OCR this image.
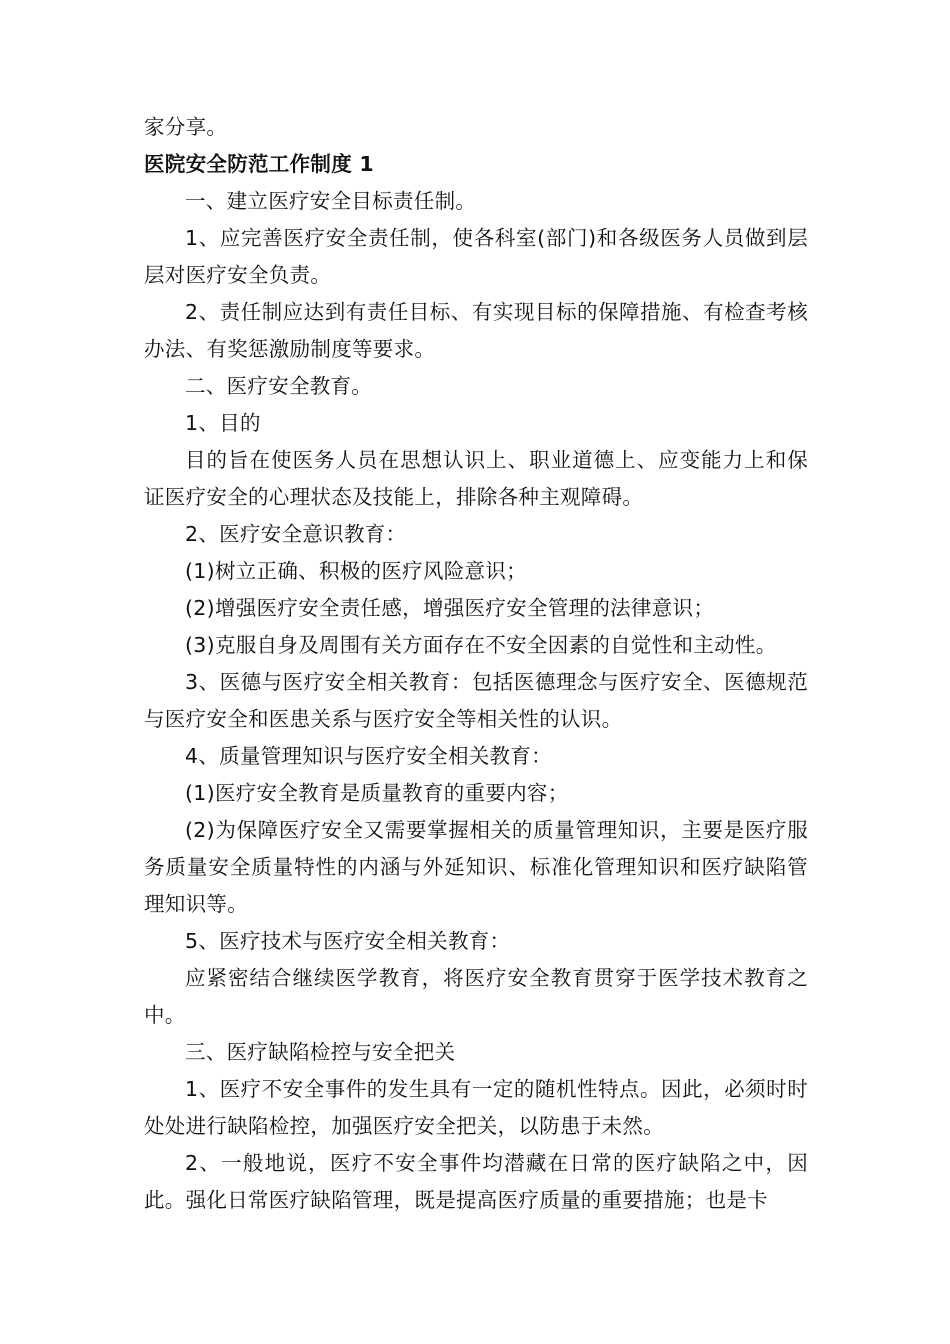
家分享。

医院安全防范工作制度 1

一、建立医疗安全目标责任制。

1、应完善医疗安全责任制，使各科室(部门)和各级医务人员做到层层对医疗安全负责。

2、责任制应达到有责任目标、有实现目标的保障措施、有检查考核办法、有奖惩激励制度等要求。

二、医疗安全教育。

1、目的

目的旨在使医务人员在思想认识上、职业道德上、应变能力上和保证医疗安全的心理状态及技能上，排除各种主观障碍。

2、医疗安全意识教育：

(1)树立正确、积极的医疗风险意识；

(2)增强医疗安全责任感，增强医疗安全管理的法律意识；

(3)克服自身及周围有关方面存在不安全因素的自觉性和主动性。

3、医德与医疗安全相关教育：包括医德理念与医疗安全、医德规范与医疗安全和医患关系与医疗安全等相关性的认识。

4、质量管理知识与医疗安全相关教育：

(1)医疗安全教育是质量教育的重要内容；

(2)为保障医疗安全又需要掌握相关的质量管理知识，主要是医疗服务质量安全质量特性的内涵与外延知识、标准化管理知识和医疗缺陷管理知识等。

5、医疗技术与医疗安全相关教育：

应紧密结合继续医学教育，将医疗安全教育贯穿于医学技术教育之中。

三、医疗缺陷检控与安全把关

1、医疗不安全事件的发生具有一定的随机性特点。因此，必须时时处处进行缺陷检控，加强医疗安全把关，以防患于未然。

2、一般地说，医疗不安全事件均潜藏在日常的医疗缺陷之中，因此。强化日常医疗缺陷管理，既是提高医疗质量的重要措施；也是卡
